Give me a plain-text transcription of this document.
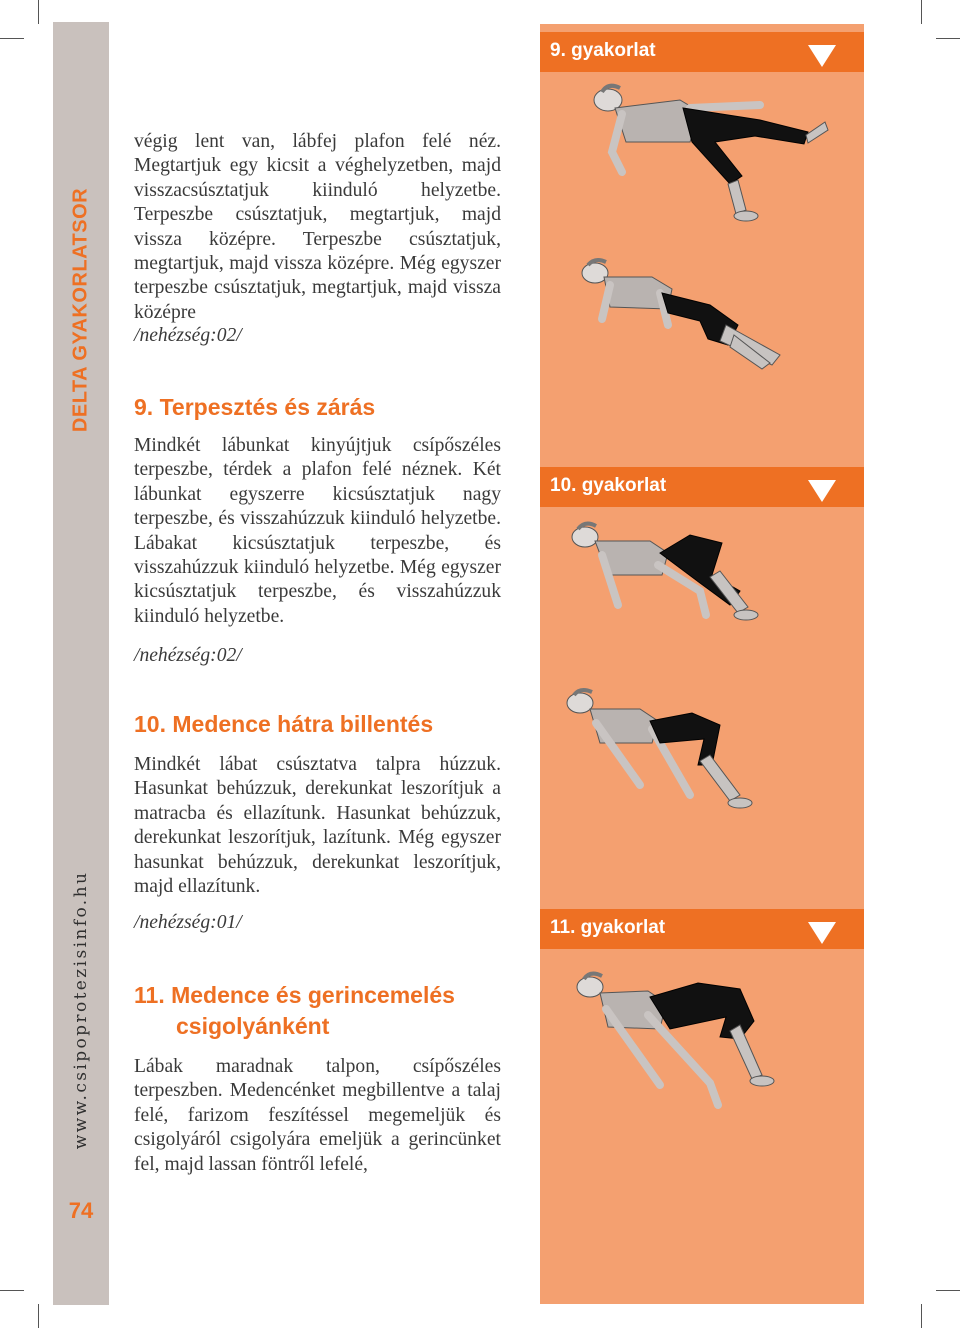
DELTA GYAKORLATSOR
www.csipoprotezisinfo.hu
74

végig lent van, lábfej plafon felé néz. Megtartjuk egy kicsit a véghelyzetben, majd visszacsúsztatjuk kiinduló helyzetbe. Terpeszbe csúsztatjuk, megtartjuk, majd vissza középre. Terpeszbe csúsztatjuk, megtartjuk, majd vissza középre. Még egyszer terpeszbe csúsztatjuk, megtartjuk, majd vissza középre

/nehézség:02/

9. Terpesztés és zárás

Mindkét lábunkat kinyújtjuk csípőszéles terpeszbe, térdek a plafon felé néznek. Két lábunkat egyszerre kicsúsztatjuk nagy terpeszbe, és visszahúzzuk kiinduló helyzetbe. Lábakat kicsúsztatjuk terpeszbe, és visszahúzzuk kiinduló helyzetbe. Még egyszer kicsúsztatjuk terpeszbe, és visszahúzzuk kiinduló helyzetbe.

/nehézség:02/

10. Medence hátra billentés

Mindkét lábat csúsztatva talpra húzzuk. Hasunkat behúzzuk, derekunkat leszorítjuk a matracba és ellazítunk. Hasunkat behúzzuk, derekunkat leszorítjuk, lazítunk. Még egyszer hasunkat behúzzuk, derekunkat leszorítjuk, majd ellazítunk.

/nehézség:01/

11. Medence és gerincemelés
csigolyánként

Lábak maradnak talpon, csípőszéles terpeszben. Medencénket megbillentve a talaj felé, farizom feszítéssel megemeljük és csigolyáról csigolyára emeljük a gerincünket fel, majd lassan föntről lefelé,

9. gyakorlat
10. gyakorlat
11. gyakorlat
